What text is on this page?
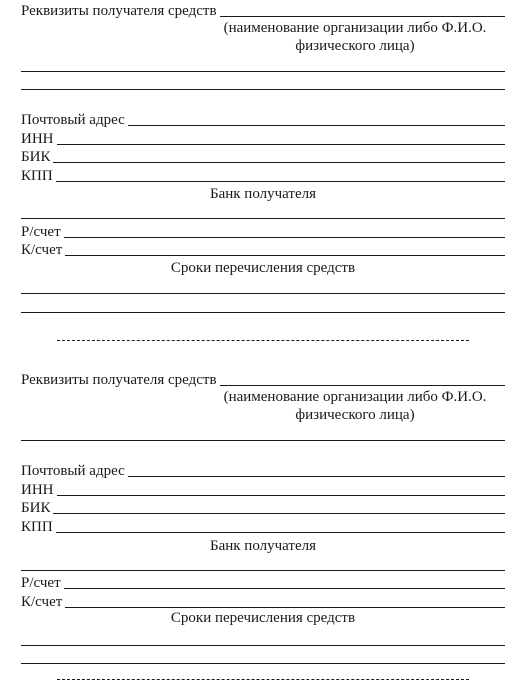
Реквизиты получателя средств
(наименование организации либо Ф.И.О.
физического лица)
Почтовый адрес
ИНН
БИК
КПП
Банк получателя
Р/счет
К/счет
Сроки перечисления средств
Реквизиты получателя средств
(наименование организации либо Ф.И.О.
физического лица)
Почтовый адрес
ИНН
БИК
КПП
Банк получателя
Р/счет
К/счет
Сроки перечисления средств
